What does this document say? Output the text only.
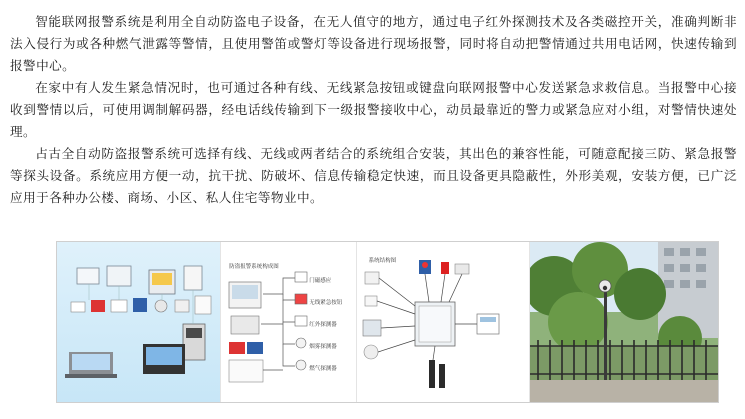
智能联网报警系统是利用全自动防盗电子设备，在无人值守的地方，通过电子红外探测技术及各类磁控开关，准确判断非法入侵行为或各种燃气泄露等警情，且使用警笛或警灯等设备进行现场报警，同时将自动把警情通过共用电话网，快速传输到报警中心。

在家中有人发生紧急情况时，也可通过各种有线、无线紧急按钮或键盘向联网报警中心发送紧急求救信息。当报警中心接收到警情以后，可使用调制解码器，经电话线传输到下一级报警接收中心，动员最靠近的警力或紧急应对小组，对警情快速处理。

占古全自动防盗报警系统可选择有线、无线或两者结合的系统组合安装，其出色的兼容性能，可随意配接三防、紧急报警等探头设备。系统应用方便一动，抗干扰、防破坏、信息传输稳定快速，而且设备更具隐蔽性，外形美观，安装方便，已广泛应用于各种办公楼、商场、小区、私人住宅等物业中。

防盗报警系统构成图
门磁感应
无线紧急按钮
红外探测器
烟雾探测器
燃气探测器
系统结构图
